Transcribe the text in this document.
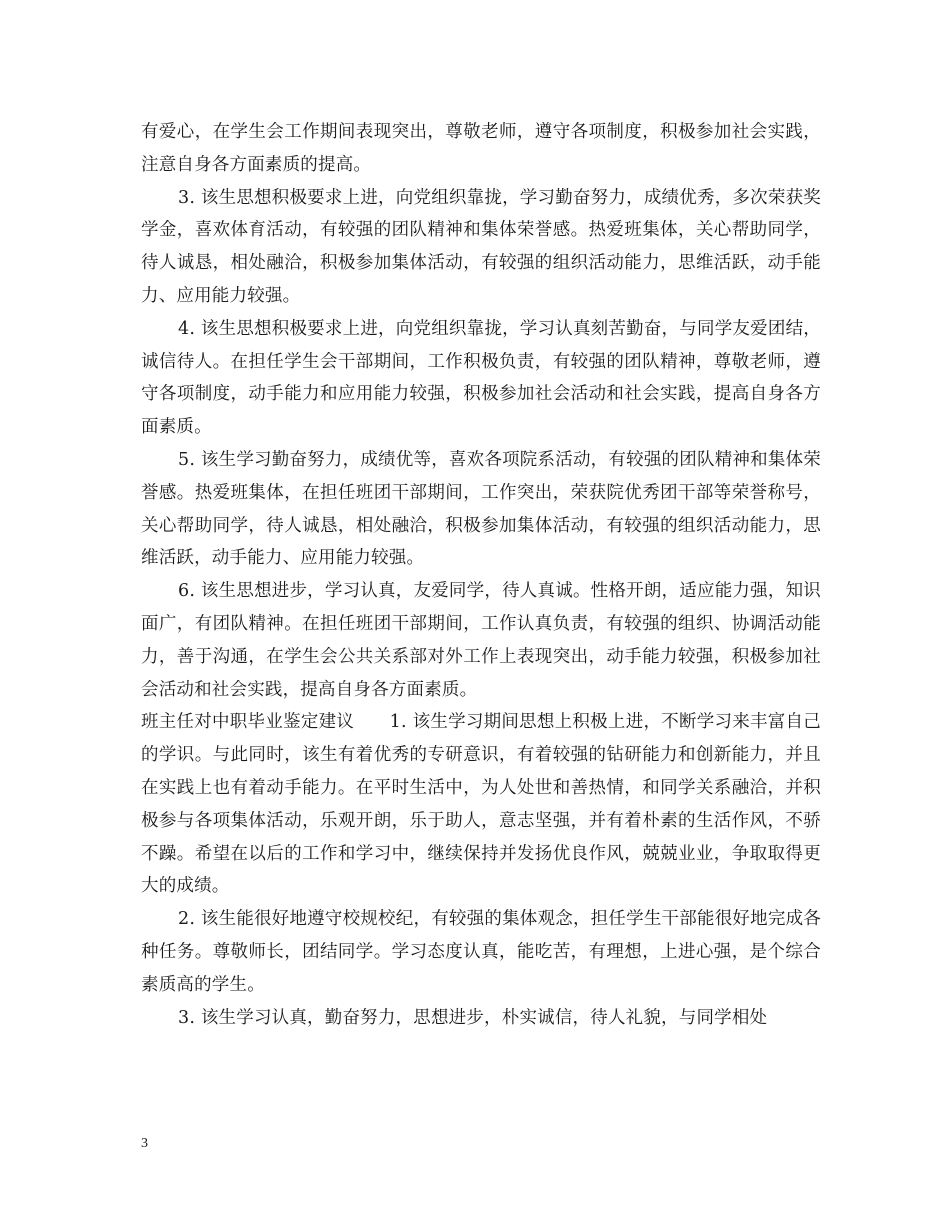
有爱心，在学生会工作期间表现突出，尊敬老师，遵守各项制度，积极参加社会实践，注意自身各方面素质的提高。

3. 该生思想积极要求上进，向党组织靠拢，学习勤奋努力，成绩优秀，多次荣获奖学金，喜欢体育活动，有较强的团队精神和集体荣誉感。热爱班集体，关心帮助同学，待人诚恳，相处融洽，积极参加集体活动，有较强的组织活动能力，思维活跃，动手能力、应用能力较强。

4. 该生思想积极要求上进，向党组织靠拢，学习认真刻苦勤奋，与同学友爱团结，诚信待人。在担任学生会干部期间，工作积极负责，有较强的团队精神，尊敬老师，遵守各项制度，动手能力和应用能力较强，积极参加社会活动和社会实践，提高自身各方面素质。

5. 该生学习勤奋努力，成绩优等，喜欢各项院系活动，有较强的团队精神和集体荣誉感。热爱班集体，在担任班团干部期间，工作突出，荣获院优秀团干部等荣誉称号，关心帮助同学，待人诚恳，相处融洽，积极参加集体活动，有较强的组织活动能力，思维活跃，动手能力、应用能力较强。

6. 该生思想进步，学习认真，友爱同学，待人真诚。性格开朗，适应能力强，知识面广，有团队精神。在担任班团干部期间，工作认真负责，有较强的组织、协调活动能力，善于沟通，在学生会公共关系部对外工作上表现突出，动手能力较强，积极参加社会活动和社会实践，提高自身各方面素质。

班主任对中职毕业鉴定建议　　1. 该生学习期间思想上积极上进，不断学习来丰富自己的学识。与此同时，该生有着优秀的专研意识，有着较强的钻研能力和创新能力，并且在实践上也有着动手能力。在平时生活中，为人处世和善热情，和同学关系融洽，并积极参与各项集体活动，乐观开朗，乐于助人，意志坚强，并有着朴素的生活作风，不骄不躁。希望在以后的工作和学习中，继续保持并发扬优良作风，兢兢业业，争取取得更大的成绩。

2. 该生能很好地遵守校规校纪，有较强的集体观念，担任学生干部能很好地完成各种任务。尊敬师长，团结同学。学习态度认真，能吃苦，有理想，上进心强，是个综合素质高的学生。

3. 该生学习认真，勤奋努力，思想进步，朴实诚信，待人礼貌，与同学相处

3
